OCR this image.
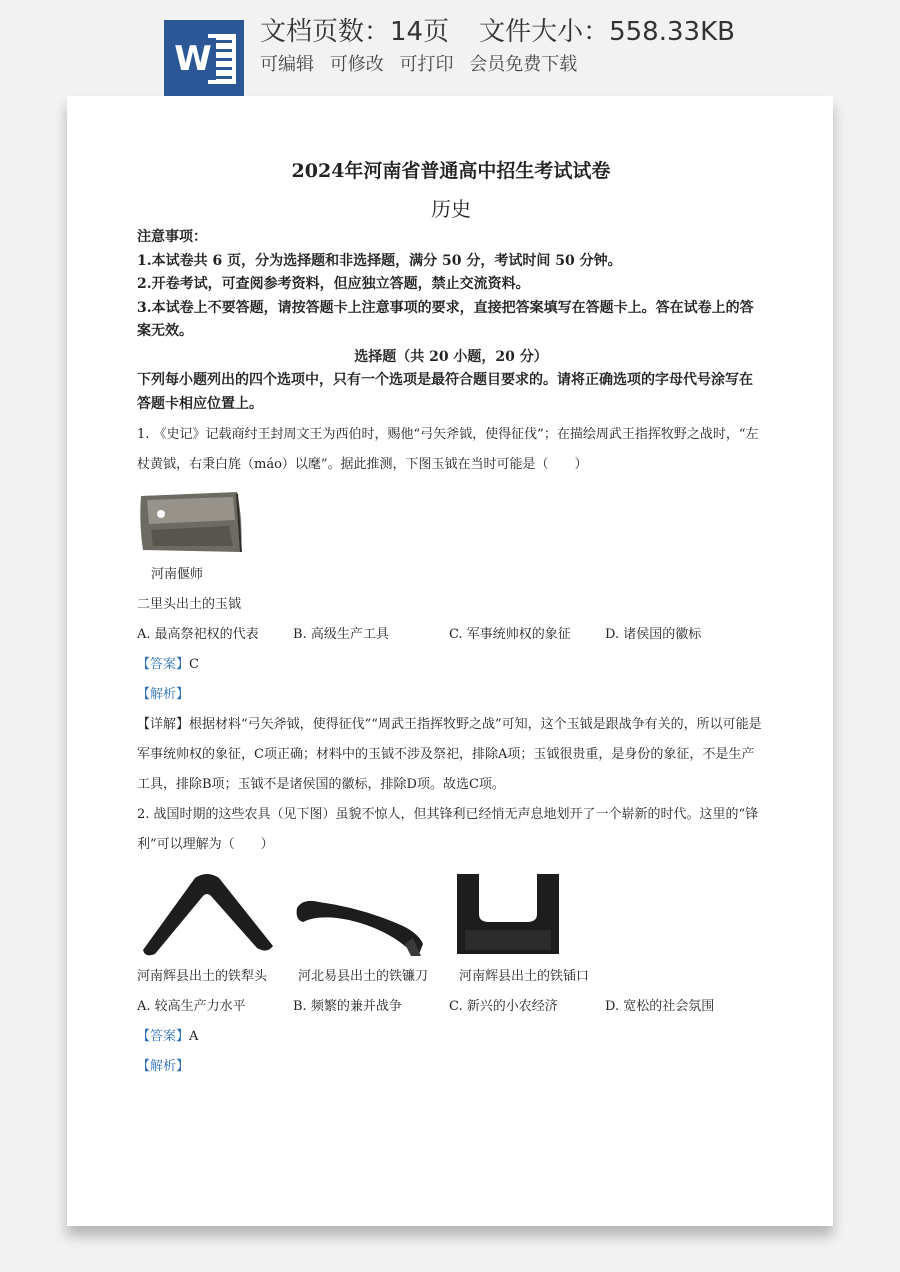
W
文档页数：14页 文件大小：558.33KB
可编辑 可修改 可打印 会员免费下载
2024年河南省普通高中招生考试试卷
历史
注意事项：
1.本试卷共 6 页，分为选择题和非选择题，满分 50 分，考试时间 50 分钟。
2.开卷考试，可查阅参考资料，但应独立答题，禁止交流资料。
3.本试卷上不要答题，请按答题卡上注意事项的要求，直接把答案填写在答题卡上。答在试卷上的答案无效。
选择题（共 20 小题，20 分）
下列每小题列出的四个选项中，只有一个选项是最符合题目要求的。请将正确选项的字母代号涂写在答题卡相应位置上。
1. 《史记》记载商纣王封周文王为西伯时，赐他“弓矢斧钺，使得征伐”；在描绘周武王指挥牧野之战时，“左杖黄钺，右秉白旄（máo）以麾”。据此推测，下图玉钺在当时可能是（　　）
河南偃师
二里头出土的玉钺
A. 最高祭祀权的代表	B. 高级生产工具	C. 军事统帅权的象征	D. 诸侯国的徽标
【答案】C
【解析】
【详解】根据材料“弓矢斧钺，使得征伐”“周武王指挥牧野之战”可知，这个玉钺是跟战争有关的，所以可能是军事统帅权的象征，C项正确；材料中的玉钺不涉及祭祀，排除A项；玉钺很贵重，是身份的象征，不是生产工具，排除B项；玉钺不是诸侯国的徽标，排除D项。故选C项。
2. 战国时期的这些农具（见下图）虽貌不惊人，但其锋利已经悄无声息地划开了一个崭新的时代。这里的“锋利”可以理解为（　　）
河南辉县出土的铁犁头	河北易县出土的铁镰刀	河南辉县出土的铁锸口
A. 较高生产力水平	B. 频繁的兼并战争	C. 新兴的小农经济	D. 宽松的社会氛围
【答案】A
【解析】
